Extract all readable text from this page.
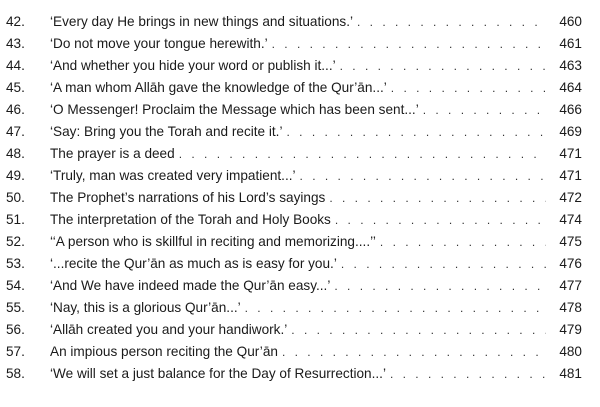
42.	‘Every day He brings in new things and situations.’ . . .	460
43.	‘Do not move your tongue herewith.’ . . .	461
44.	‘And whether you hide your word or publish it...’ . . .	463
45.	‘A man whom Allāh gave the knowledge of the Qur’ān...’ . . .	464
46.	‘O Messenger! Proclaim the Message which has been sent...’ . . .	466
47.	‘Say: Bring you the Torah and recite it.’ . . .	469
48.	The prayer is a deed . . .	471
49.	‘Truly, man was created very impatient...’ . . .	471
50.	The Prophet’s narrations of his Lord’s sayings . . .	472
51.	The interpretation of the Torah and Holy Books . . .	474
52.	‘‘A person who is skillful in reciting and memorizing....’’ . . .	475
53.	‘...recite the Qur’ān as much as is easy for you.’ . . .	476
54.	‘And We have indeed made the Qur’ān easy...’ . . .	477
55.	‘Nay, this is a glorious Qur’ān...’ . . .	478
56.	‘Allāh created you and your handiwork.’ . . .	479
57.	An impious person reciting the Qur’ān . . .	480
58.	‘We will set a just balance for the Day of Resurrection...’ . . .	481
